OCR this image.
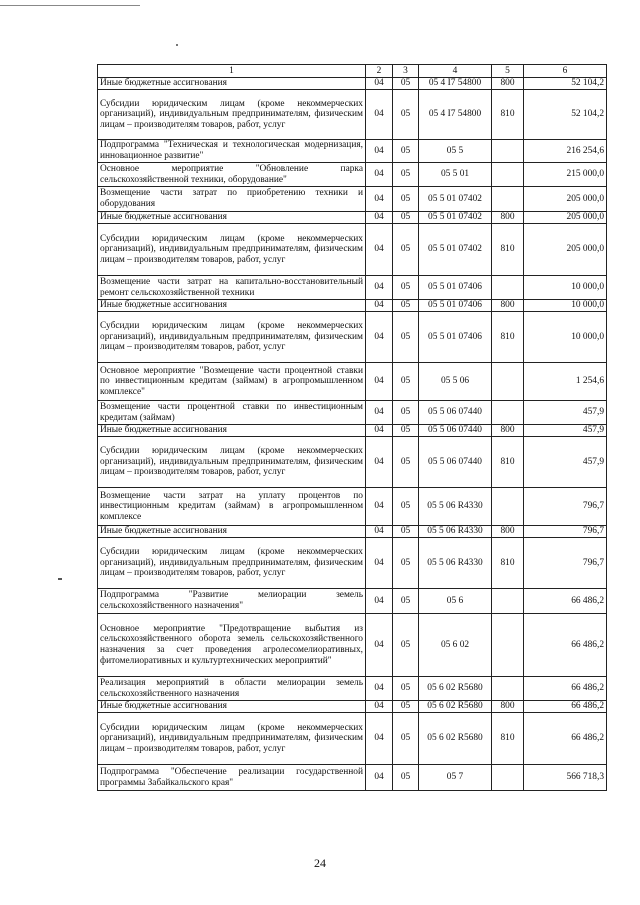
1	2	3	4	5	6
Иные бюджетные ассигнования	04	05	05 4 I7 54800	800	52 104,2
Субсидии юридическим лицам (кроме некоммерческих организаций), индивидуальным предпринимателям, физическим лицам – производителям товаров, работ, услуг	04	05	05 4 I7 54800	810	52 104,2
Подпрограмма "Техническая и технологическая модернизация, инновационное развитие"	04	05	05 5		216 254,6
Основное мероприятие "Обновление парка сельскохозяйственной техники, оборудование"	04	05	05 5 01		215 000,0
Возмещение части затрат по приобретению техники и оборудования	04	05	05 5 01 07402		205 000,0
Иные бюджетные ассигнования	04	05	05 5 01 07402	800	205 000,0
Субсидии юридическим лицам (кроме некоммерческих организаций), индивидуальным предпринимателям, физическим лицам – производителям товаров, работ, услуг	04	05	05 5 01 07402	810	205 000,0
Возмещение части затрат на капитально-восстановительный ремонт сельскохозяйственной техники	04	05	05 5 01 07406		10 000,0
Иные бюджетные ассигнования	04	05	05 5 01 07406	800	10 000,0
Субсидии юридическим лицам (кроме некоммерческих организаций), индивидуальным предпринимателям, физическим лицам – производителям товаров, работ, услуг	04	05	05 5 01 07406	810	10 000,0
Основное мероприятие "Возмещение части процентной ставки по инвестиционным кредитам (займам) в агропромышленном комплексе"	04	05	05 5 06		1 254,6
Возмещение части процентной ставки по инвестиционным кредитам (займам)	04	05	05 5 06 07440		457,9
Иные бюджетные ассигнования	04	05	05 5 06 07440	800	457,9
Субсидии юридическим лицам (кроме некоммерческих организаций), индивидуальным предпринимателям, физическим лицам – производителям товаров, работ, услуг	04	05	05 5 06 07440	810	457,9
Возмещение части затрат на уплату процентов по инвестиционным кредитам (займам) в агропромышленном комплексе	04	05	05 5 06 R4330		796,7
Иные бюджетные ассигнования	04	05	05 5 06 R4330	800	796,7
Субсидии юридическим лицам (кроме некоммерческих организаций), индивидуальным предпринимателям, физическим лицам – производителям товаров, работ, услуг	04	05	05 5 06 R4330	810	796,7
Подпрограмма "Развитие мелиорации земель сельскохозяйственного назначения"	04	05	05 6		66 486,2
Основное мероприятие "Предотвращение выбытия из сельскохозяйственного оборота земель сельскохозяйственного назначения за счет проведения агролесомелиоративных, фитомелиоративных и культуртехнических мероприятий"	04	05	05 6 02		66 486,2
Реализация мероприятий в области мелиорации земель сельскохозяйственного назначения	04	05	05 6 02 R5680		66 486,2
Иные бюджетные ассигнования	04	05	05 6 02 R5680	800	66 486,2
Субсидии юридическим лицам (кроме некоммерческих организаций), индивидуальным предпринимателям, физическим лицам – производителям товаров, работ, услуг	04	05	05 6 02 R5680	810	66 486,2
Подпрограмма "Обеспечение реализации государственной программы Забайкальского края"	04	05	05 7		566 718,3
24
